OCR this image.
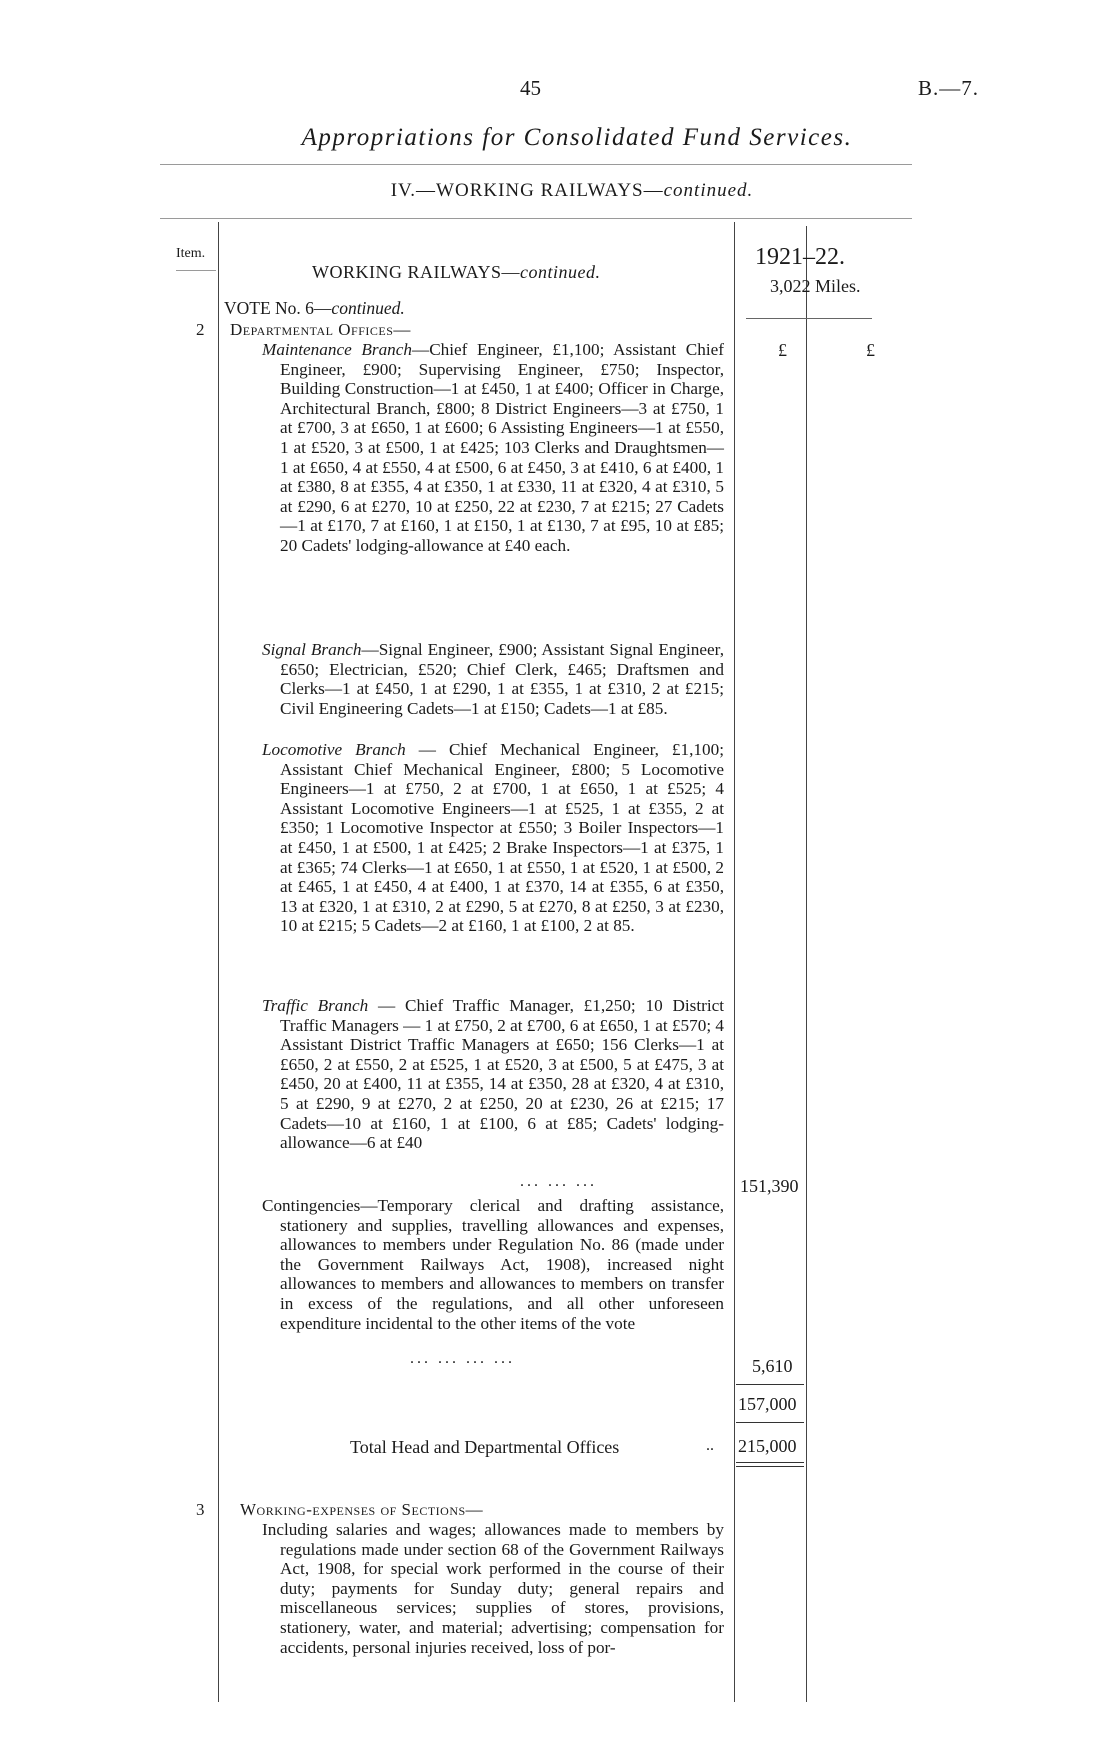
45	B.—7.
Appropriations for Consolidated Fund Services.
IV.—WORKING RAILWAYS—continued.
Item.
WORKING RAILWAYS—continued.
1921–22.
3,022 Miles.
£	£
VOTE No. 6—continued.
2 Departmental Offices—

Maintenance Branch—Chief Engineer, £1,100; Assistant Chief Engineer, £900; Supervising Engineer, £750; Inspector, Building Construction—1 at £450, 1 at £400; Officer in Charge, Architectural Branch, £800; 8 District Engineers—3 at £750, 1 at £700, 3 at £650, 1 at £600; 6 Assisting Engineers—1 at £550, 1 at £520, 3 at £500, 1 at £425; 103 Clerks and Draughtsmen—1 at £650, 4 at £550, 4 at £500, 6 at £450, 3 at £410, 6 at £400, 1 at £380, 8 at £355, 4 at £350, 1 at £330, 11 at £320, 4 at £310, 5 at £290, 6 at £270, 10 at £250, 22 at £230, 7 at £215; 27 Cadets—1 at £170, 7 at £160, 1 at £150, 1 at £130, 7 at £95, 10 at £85; 20 Cadets' lodging-allowance at £40 each.

Signal Branch—Signal Engineer, £900; Assistant Signal Engineer, £650; Electrician, £520; Chief Clerk, £465; Draftsmen and Clerks—1 at £450, 1 at £290, 1 at £355, 1 at £310, 2 at £215; Civil Engineering Cadets—1 at £150; Cadets—1 at £85.

Locomotive Branch — Chief Mechanical Engineer, £1,100; Assistant Chief Mechanical Engineer, £800; 5 Locomotive Engineers—1 at £750, 2 at £700, 1 at £650, 1 at £525; 4 Assistant Locomotive Engineers—1 at £525, 1 at £355, 2 at £350; 1 Locomotive Inspector at £550; 3 Boiler Inspectors—1 at £450, 1 at £500, 1 at £425; 2 Brake Inspectors—1 at £375, 1 at £365; 74 Clerks—1 at £650, 1 at £550, 1 at £520, 1 at £500, 2 at £465, 1 at £450, 4 at £400, 1 at £370, 14 at £355, 6 at £350, 13 at £320, 1 at £310, 2 at £290, 5 at £270, 8 at £250, 3 at £230, 10 at £215; 5 Cadets—2 at £160, 1 at £100, 2 at 85.

Traffic Branch — Chief Traffic Manager, £1,250; 10 District Traffic Managers — 1 at £750, 2 at £700, 6 at £650, 1 at £570; 4 Assistant District Traffic Managers at £650; 156 Clerks—1 at £650, 2 at £550, 2 at £525, 1 at £520, 3 at £500, 5 at £475, 3 at £450, 20 at £400, 11 at £355, 14 at £350, 28 at £320, 4 at £310, 5 at £290, 9 at £270, 2 at £250, 20 at £230, 26 at £215; 17 Cadets—10 at £160, 1 at £100, 6 at £85; Cadets' lodging-allowance—6 at £40

... ... ...	151,390

Contingencies—Temporary clerical and drafting assistance, stationery and supplies, travelling allowances and expenses, allowances to members under Regulation No. 86 (made under the Government Railways Act, 1908), increased night allowances to members and allowances to members on transfer in excess of the regulations, and all other unforeseen expenditure incidental to the other items of the vote

... ... ... ...	5,610
157,000
Total Head and Departmental Offices	.. 215,000
3 Working-expenses of Sections—

Including salaries and wages; allowances made to members by regulations made under section 68 of the Government Railways Act, 1908, for special work performed in the course of their duty; payments for Sunday duty; general repairs and miscellaneous services; supplies of stores, provisions, stationery, water, and material; advertising; compensation for accidents, personal injuries received, loss of por-
